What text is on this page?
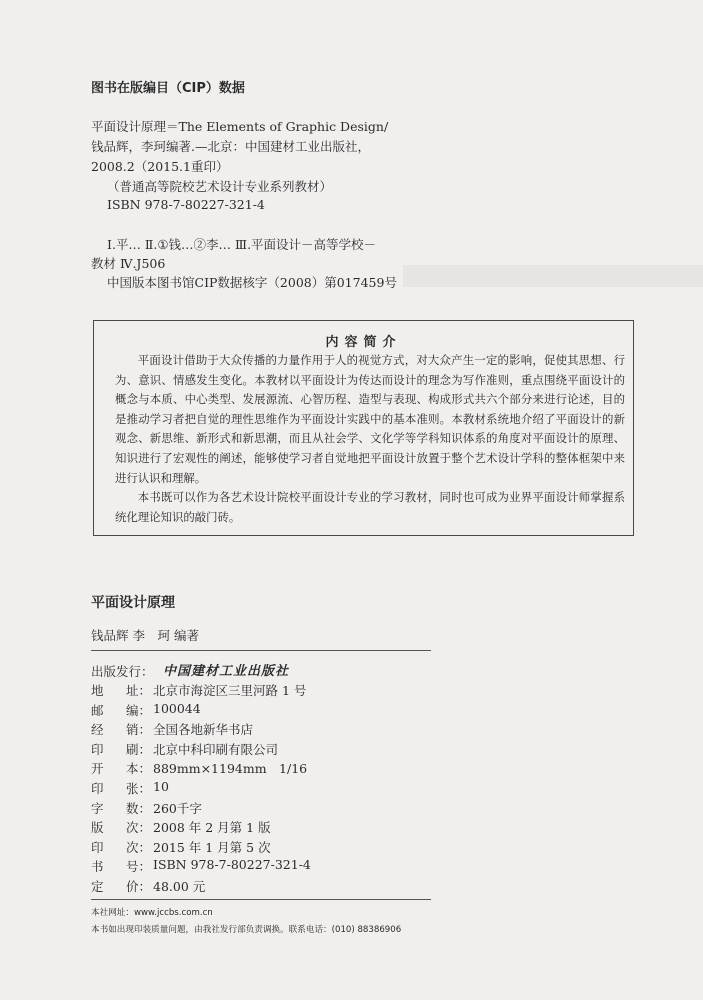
图书在版编目（CIP）数据
平面设计原理＝The Elements of Graphic Design/
钱品辉，李珂编著.—北京：中国建材工业出版社，
2008.2（2015.1重印）
（普通高等院校艺术设计专业系列教材）
ISBN 978-7-80227-321-4
Ⅰ.平… Ⅱ.①钱…②李… Ⅲ.平面设计－高等学校－
教材 Ⅳ.J506
中国版本图书馆CIP数据核字（2008）第017459号
内容简介

平面设计借助于大众传播的力量作用于人的视觉方式，对大众产生一定的影响，促使其思想、行为、意识、情感发生变化。本教材以平面设计为传达而设计的理念为写作准则，重点围绕平面设计的概念与本质、中心类型、发展源流、心智历程、造型与表现、构成形式共六个部分来进行论述，目的是推动学习者把自觉的理性思维作为平面设计实践中的基本准则。本教材系统地介绍了平面设计的新观念、新思维、新形式和新思潮，而且从社会学、文化学等学科知识体系的角度对平面设计的原理、知识进行了宏观性的阐述，能够使学习者自觉地把平面设计放置于整个艺术设计学科的整体框架中来进行认识和理解。

本书既可以作为各艺术设计院校平面设计专业的学习教材，同时也可成为业界平面设计师掌握系统化理论知识的敲门砖。

平面设计原理
钱品辉 李　珂 编著
出版发行： 中国建材工业出版社
地 址 ： 北京市海淀区三里河路 1 号
邮 编 ： 100044
经 销 ： 全国各地新华书店
印 刷 ： 北京中科印刷有限公司
开 本 ： 889mm×1194mm　1/16
印 张 ： 10
字 数 ： 260千字
版 次 ： 2008 年 2 月第 1 版
印 次 ： 2015 年 1 月第 5 次
书 号 ： ISBN 978-7-80227-321-4
定 价 ： 48.00 元
本社网址：www.jccbs.com.cn
本书如出现印装质量问题，由我社发行部负责调换。联系电话：(010) 88386906
